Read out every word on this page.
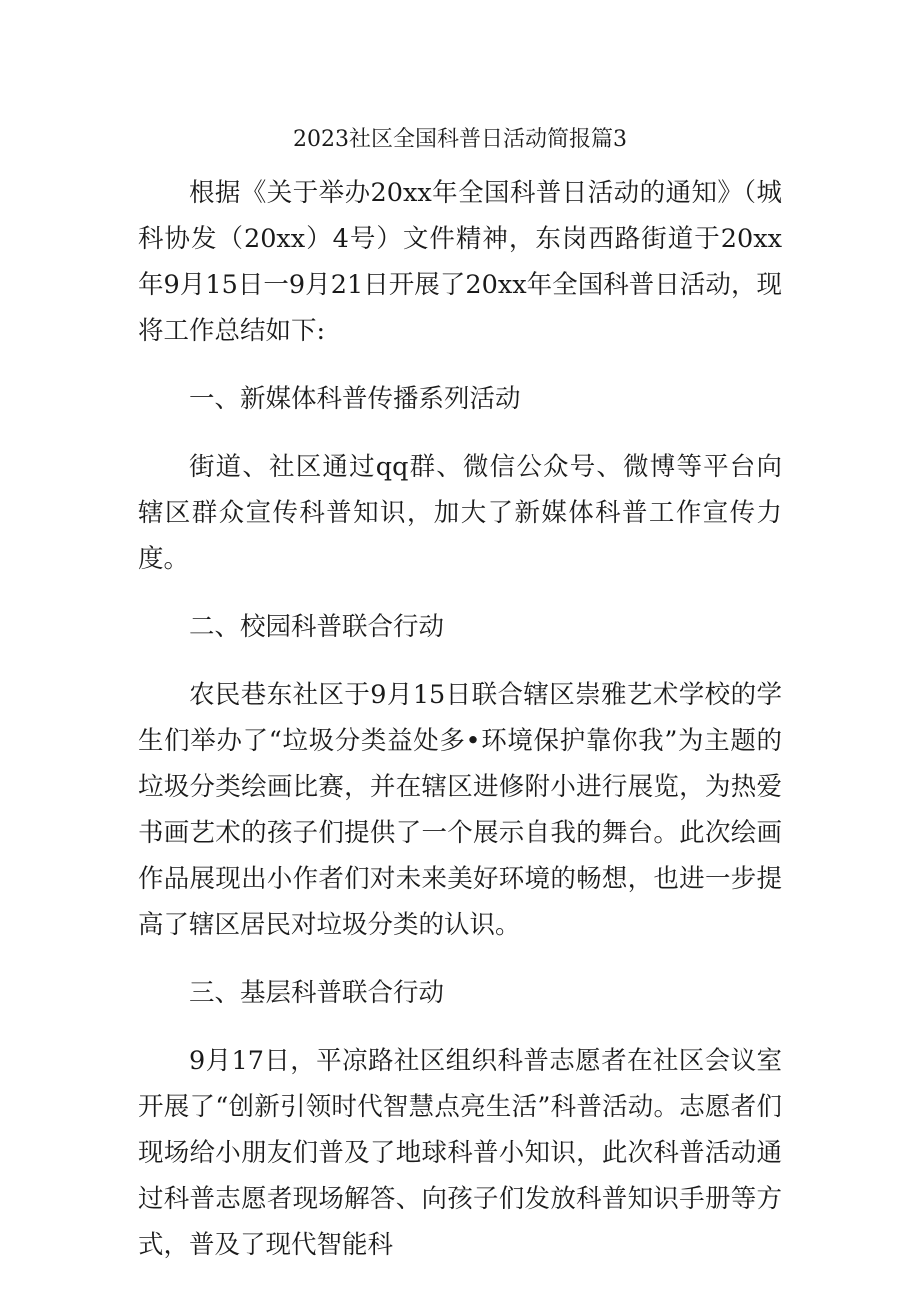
2023社区全国科普日活动简报篇3

根据《关于举办20xx年全国科普日活动的通知》（城科协发（20xx）4号）文件精神，东岗西路街道于20xx年9月15日一9月21日开展了20xx年全国科普日活动，现将工作总结如下:

一、新媒体科普传播系列活动

街道、社区通过qq群、微信公众号、微博等平台向辖区群众宣传科普知识，加大了新媒体科普工作宣传力度。

二、校园科普联合行动

农民巷东社区于9月15日联合辖区崇雅艺术学校的学生们举办了“垃圾分类益处多•环境保护靠你我”为主题的垃圾分类绘画比赛，并在辖区进修附小进行展览，为热爱书画艺术的孩子们提供了一个展示自我的舞台。此次绘画作品展现出小作者们对未来美好环境的畅想，也进一步提高了辖区居民对垃圾分类的认识。

三、基层科普联合行动

9月17日，平凉路社区组织科普志愿者在社区会议室开展了“创新引领时代智慧点亮生活”科普活动。志愿者们现场给小朋友们普及了地球科普小知识，此次科普活动通过科普志愿者现场解答、向孩子们发放科普知识手册等方式，普及了现代智能科
